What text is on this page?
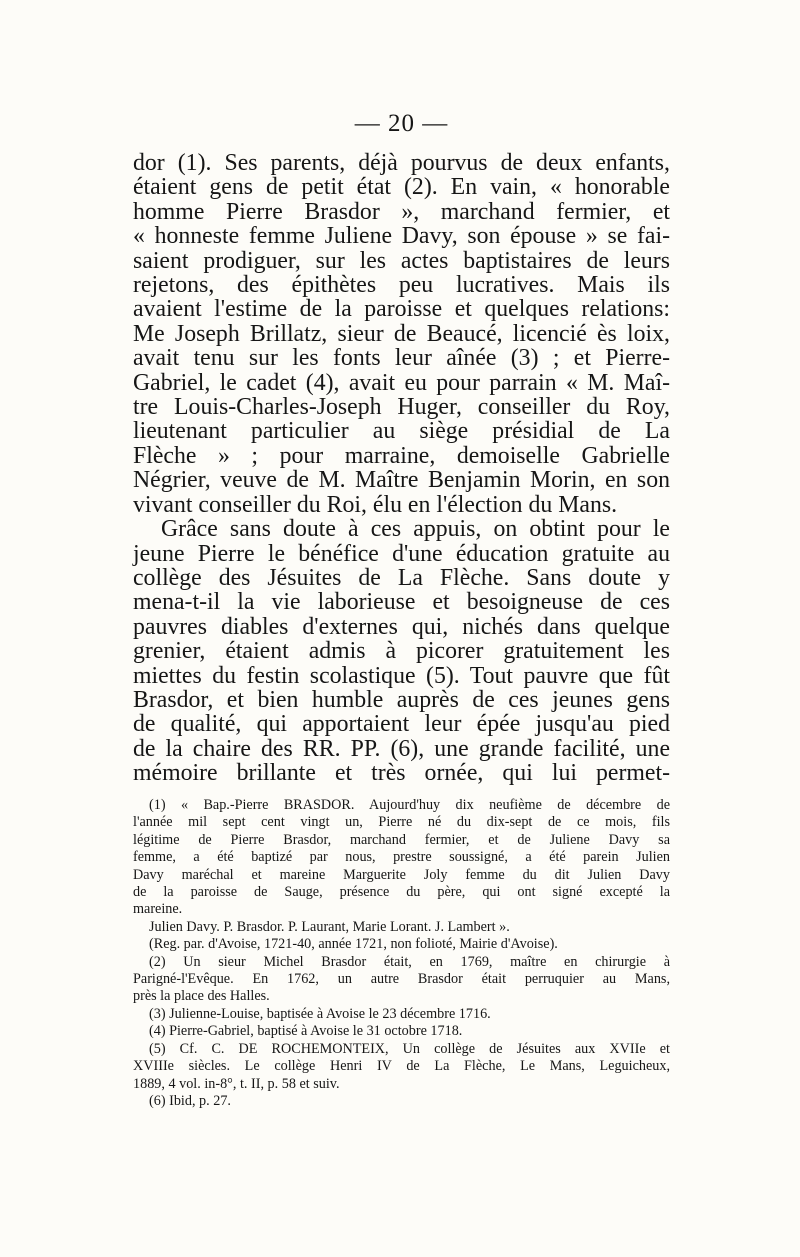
— 20 —

dor (1). Ses parents, déjà pourvus de deux enfants,
étaient gens de petit état (2). En vain, « honorable
homme Pierre Brasdor », marchand fermier, et
« honneste femme Juliene Davy, son épouse » se fai-
saient prodiguer, sur les actes baptistaires de leurs
rejetons, des épithètes peu lucratives. Mais ils
avaient l'estime de la paroisse et quelques relations:
Me Joseph Brillatz, sieur de Beaucé, licencié ès loix,
avait tenu sur les fonts leur aînée (3) ; et Pierre-
Gabriel, le cadet (4), avait eu pour parrain « M. Maî-
tre Louis-Charles-Joseph Huger, conseiller du Roy,
lieutenant particulier au siège présidial de La
Flèche » ; pour marraine, demoiselle Gabrielle
Négrier, veuve de M. Maître Benjamin Morin, en son
vivant conseiller du Roi, élu en l'élection du Mans.

Grâce sans doute à ces appuis, on obtint pour le
jeune Pierre le bénéfice d'une éducation gratuite au
collège des Jésuites de La Flèche. Sans doute y
mena-t-il la vie laborieuse et besoigneuse de ces
pauvres diables d'externes qui, nichés dans quelque
grenier, étaient admis à picorer gratuitement les
miettes du festin scolastique (5). Tout pauvre que fût
Brasdor, et bien humble auprès de ces jeunes gens
de qualité, qui apportaient leur épée jusqu'au pied
de la chaire des RR. PP. (6), une grande facilité, une
mémoire brillante et très ornée, qui lui permet-

(1) « Bap.-Pierre BRASDOR. Aujourd'huy dix neufième de décembre de
l'année mil sept cent vingt un, Pierre né du dix-sept de ce mois, fils
légitime de Pierre Brasdor, marchand fermier, et de Juliene Davy sa
femme, a été baptizé par nous, prestre soussigné, a été parein Julien
Davy maréchal et mareine Marguerite Joly femme du dit Julien Davy
de la paroisse de Sauge, présence du père, qui ont signé excepté la
mareine.
Julien Davy. P. Brasdor. P. Laurant, Marie Lorant. J. Lambert ».
(Reg. par. d'Avoise, 1721-40, année 1721, non folioté, Mairie d'Avoise).
(2) Un sieur Michel Brasdor était, en 1769, maître en chirurgie à
Parigné-l'Evêque. En 1762, un autre Brasdor était perruquier au Mans,
près la place des Halles.
(3) Julienne-Louise, baptisée à Avoise le 23 décembre 1716.
(4) Pierre-Gabriel, baptisé à Avoise le 31 octobre 1718.
(5) Cf. C. DE ROCHEMONTEIX, Un collège de Jésuites aux XVIIe et
XVIIIe siècles. Le collège Henri IV de La Flèche, Le Mans, Leguicheux,
1889, 4 vol. in-8°, t. II, p. 58 et suiv.
(6) Ibid, p. 27.
